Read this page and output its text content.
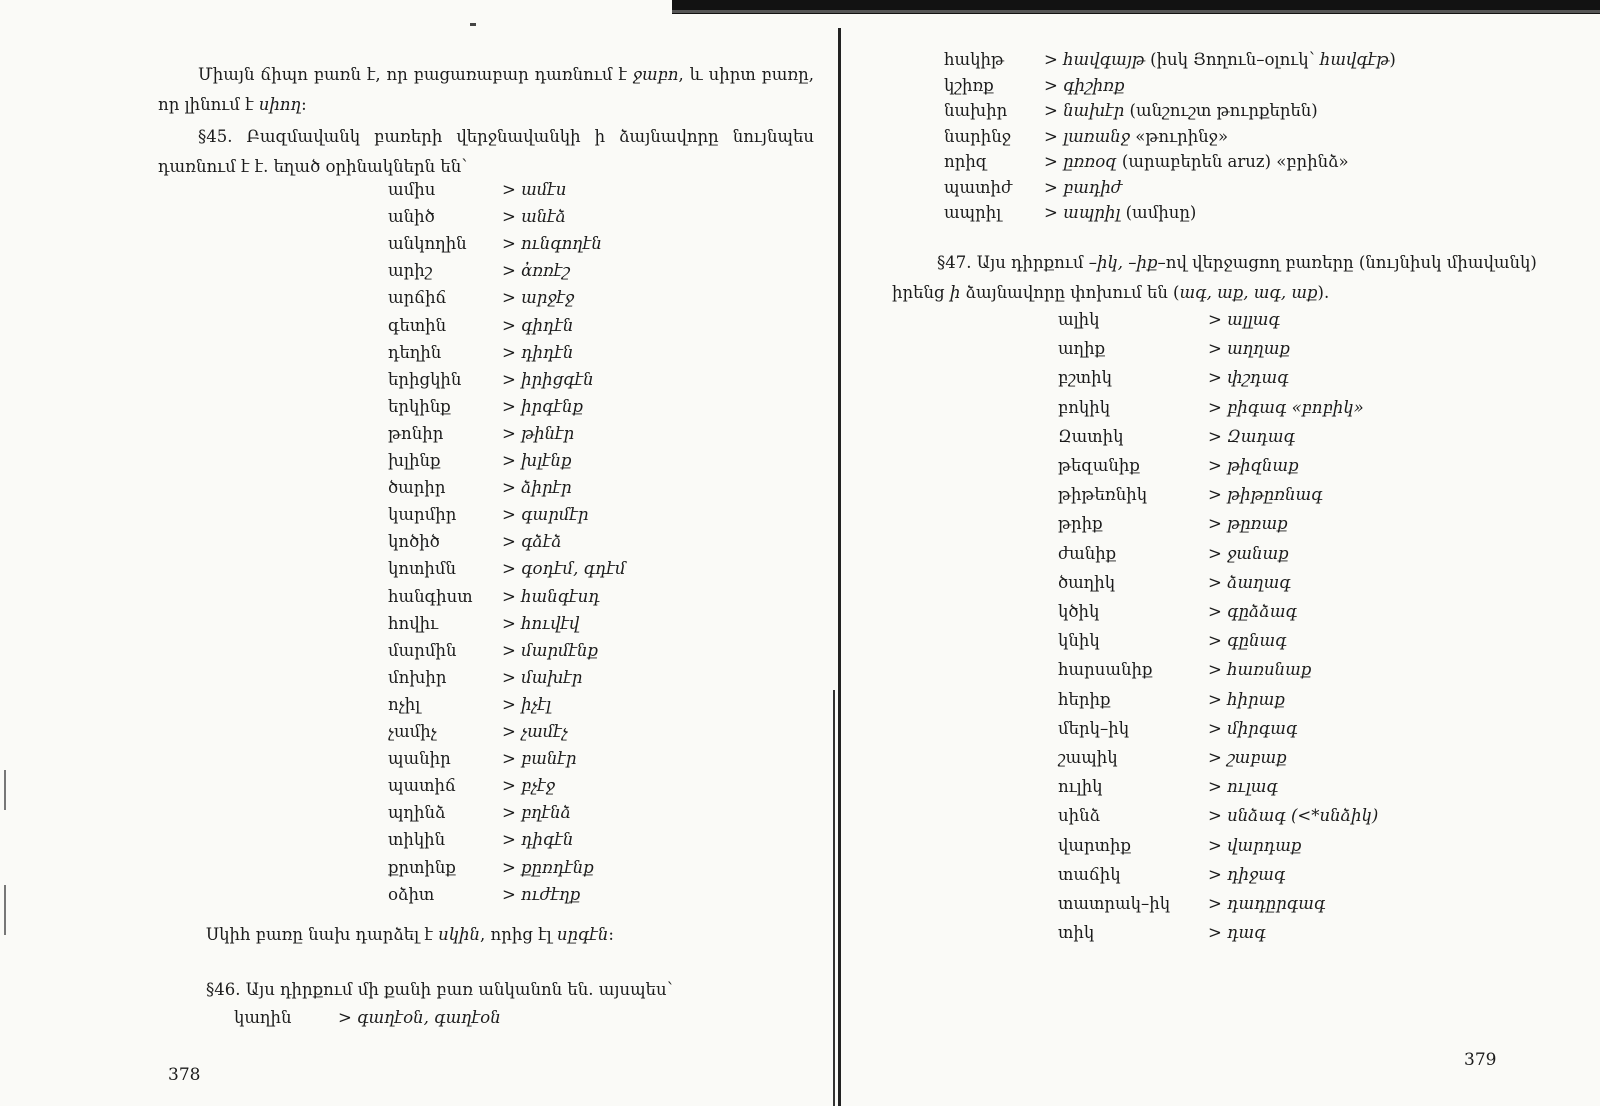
Միայն ճիպո բառն է, որ բացառաբար դառնում է ջաբո, և սիրտ բառը, որ լինում է սիող:
§45. Բազմավանկ բառերի վերջնավանկի ի ձայնավորը նույնպես դառնում է է. եղած օրինակներն են՝
ամիս	> ամէս
անիծ	> անէձ
անկողին > ունգողէն
արիշ	> ἀռռէշ
արճիճ	> արջէջ
գետին	> գիդէն
դեղին	> դիդէն
երիցկին > իրիցգէն
երկինք	> իրգէնք
թոնիր	> թինէր
խլինք	> խլէնք
ծարիր	> ձիրէր
կարմիր	> գարմէր
կոծիծ	> գձէձ
կոտիմն	> գօդէմ, գդէմ
հանգիստ > հանգէսդ
հովիւ	> հուվէվ
մարմին	> մարմէնք
մոխիր	> մախէր
ոչիլ	> իչէլ
չամիչ	> չամէչ
պանիր	> բանէր
պատիճ	> բչէջ
պղինձ	> բղէնձ
տիկին	> դիգէն
քրտինք	> քըռդէնք
օձիտ	> ուժէղք
Սկիհ բառը նախ դարձել է սկին, որից էլ սըգէն:
§46. Այս դիրքում մի քանի բառ անկանոն են. այսպես՝
կաղին	> գաղէօն, գաղէօն
378
հակիթ > հավգայթ (իսկ Յողուն–օլուկ՝ հավգէթ)
կշիռք	> գիշիռք
նախիր > նախէր (անշուշտ թուրքերեն)
նարինջ > լառանջ «թուրինջ»
որիզ	> ըռռօզ (արաբերեն aruz) «բրինձ»
պատիժ > բադիժ
ապրիլ	> ապրիլ (ամիսը)
§47. Այս դիրքում –իկ, –իք–ով վերջացող բառերը (նույնիսկ միավանկ) իրենց ի ձայնավորը փոխում են (ագ, աք, ագ, աք).
ալիկ	> ալլագ
աղիք	> աղղաք
բշտիկ	> փշդագ
բոկիկ	> բիգագ «բոբիկ»
Զատիկ	> Զադագ
թեզանիք	> թիզնաք
թիթեռնիկ	> թիթըռնագ
թրիք	> թըռաք
ժանիք	> ջանաք
ծաղիկ	> ձաղագ
կծիկ	> գըձձագ
կնիկ	> գընագ
հարսանիք	> հառսնաք
հերիք	> հիրաք
մերկ–իկ	> միրգագ
շապիկ	> շաբաք
ուլիկ	> ուլագ
սինձ	> սնձագ (<*սնձիկ)
վարտիք	> վարդաք
տաճիկ	> դիջագ
տատրակ–իկ > դադըրգագ
տիկ	> դագ
379
